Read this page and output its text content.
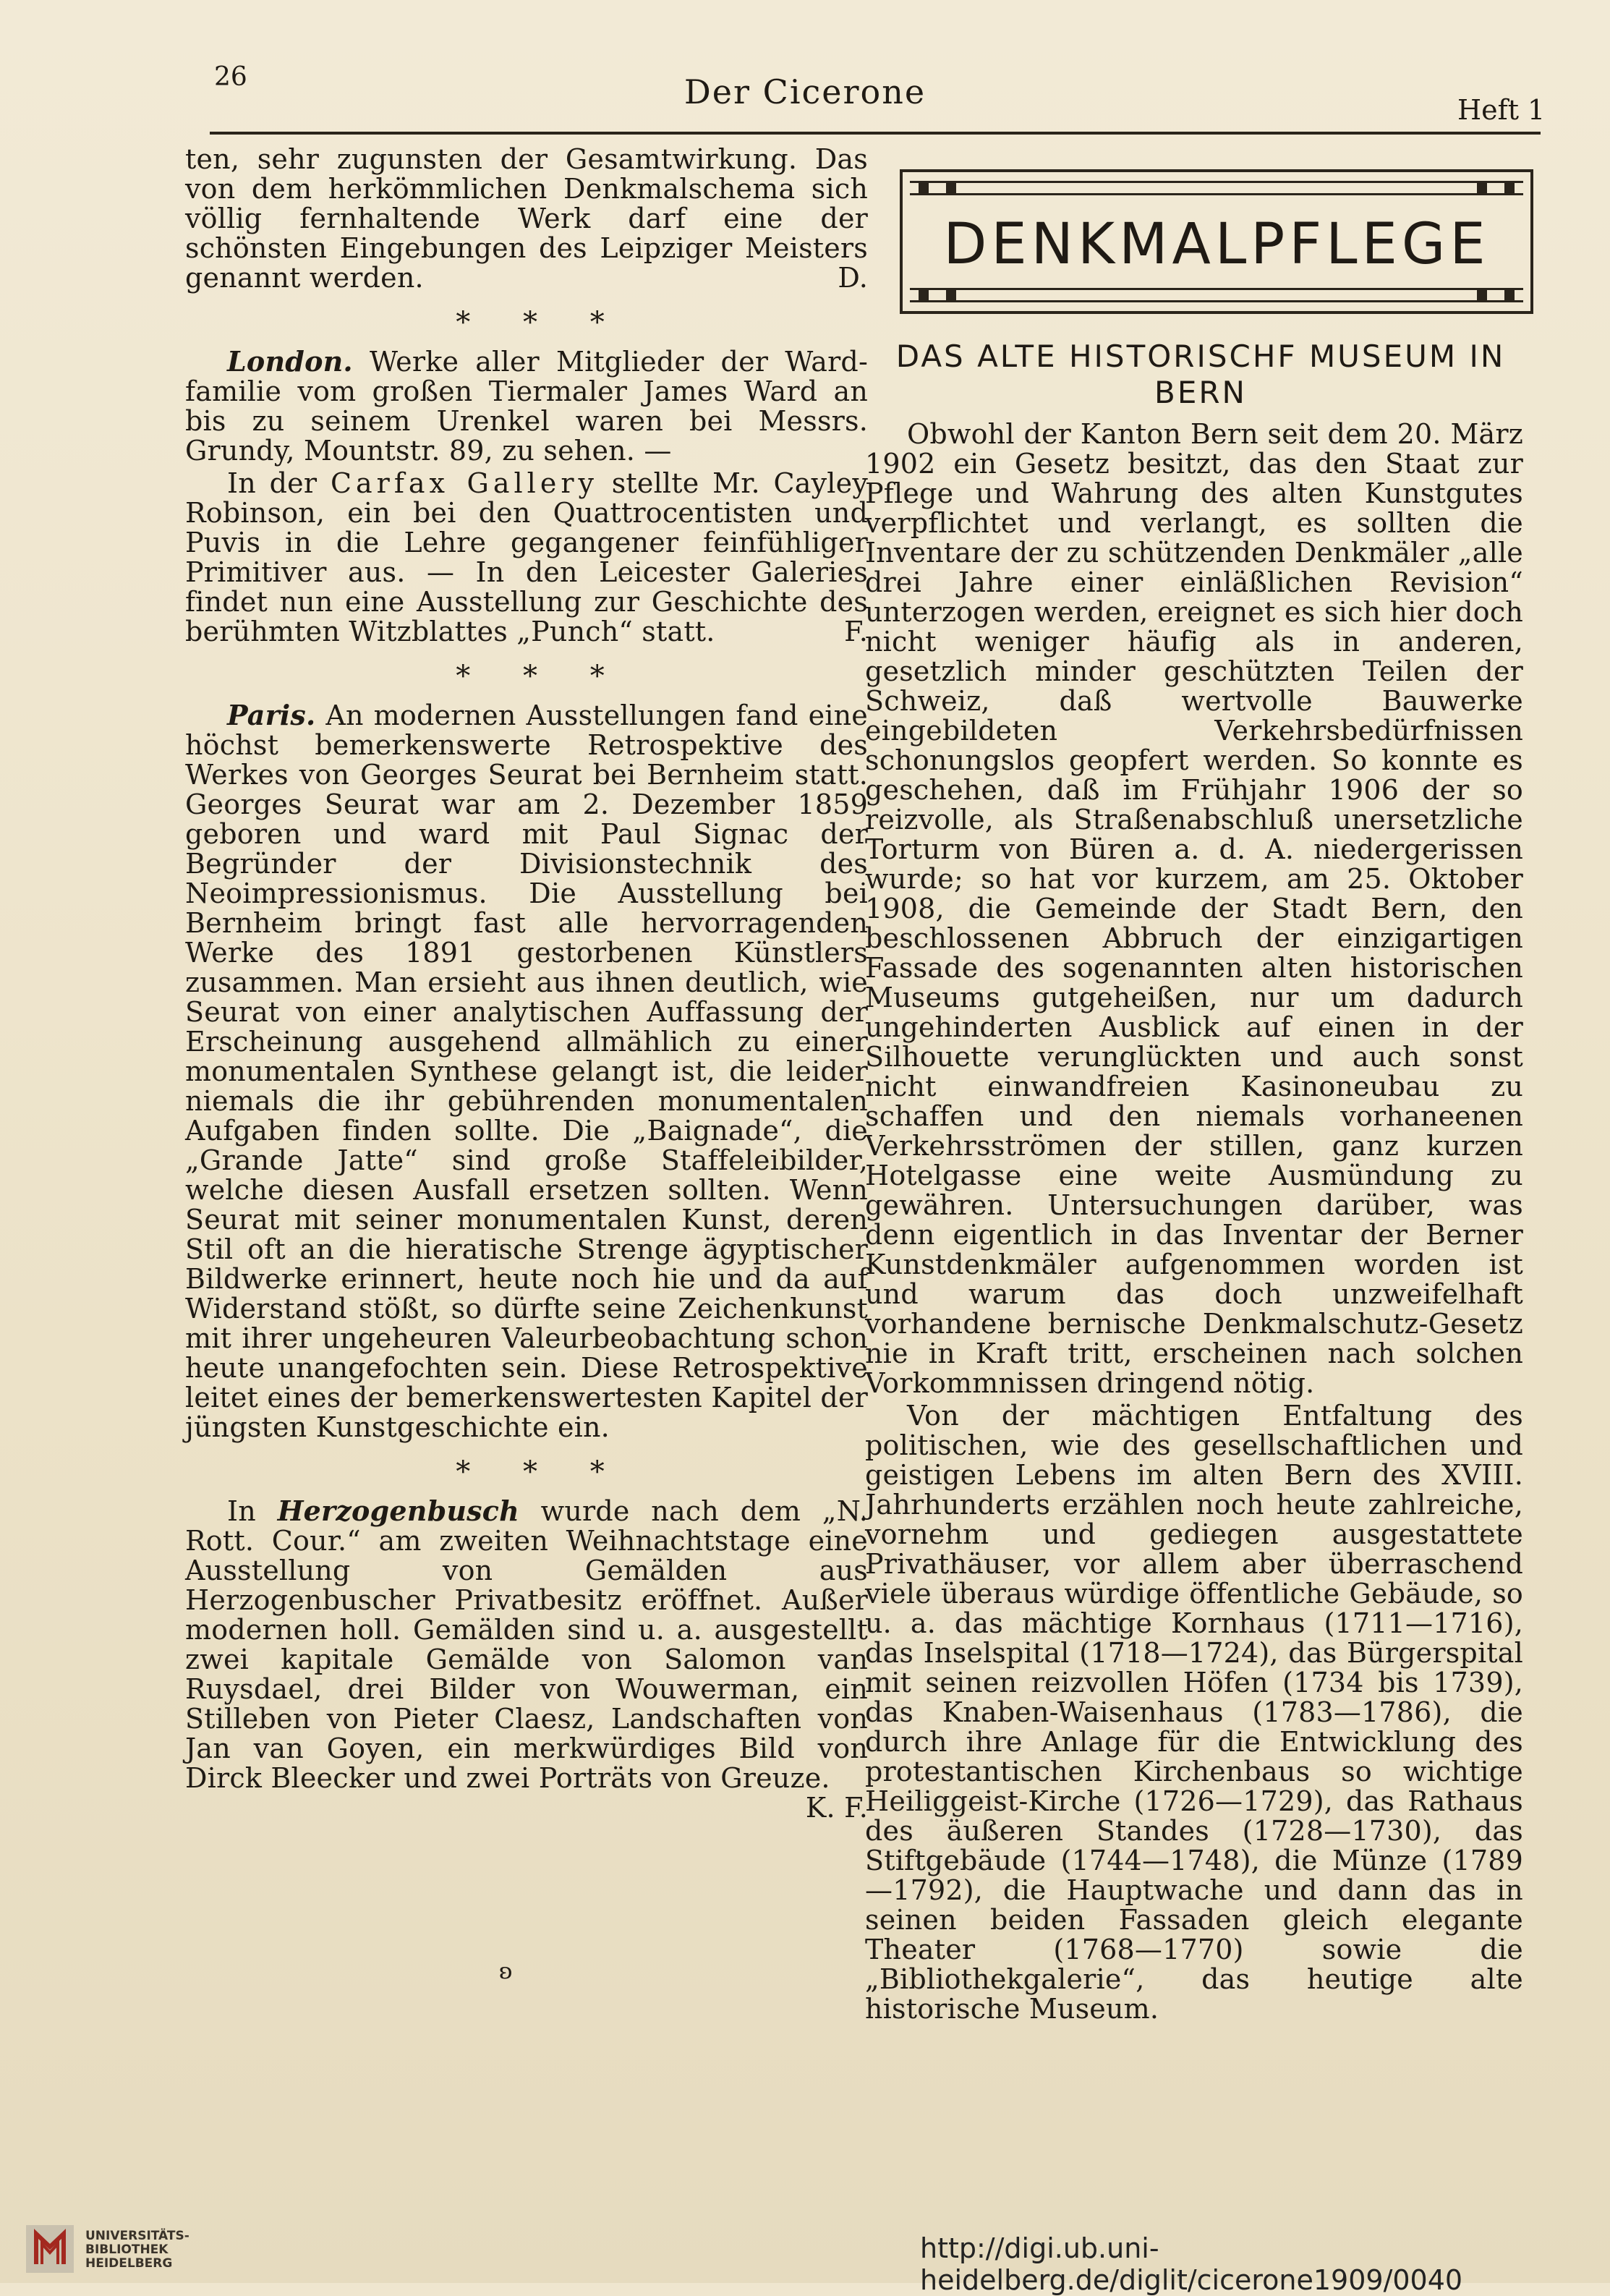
26	Der Cicerone	Heft 1

ten, sehr zugunsten der Gesamtwirkung. Das von dem herkömmlichen Denkmalschema sich völlig fernhaltende Werk darf eine der schönsten Eingebungen des Leipziger Meisters genannt werden.	D.

* * *

London. Werke aller Mitglieder der Ward-familie vom großen Tiermaler James Ward an bis zu seinem Urenkel waren bei Messrs. Grundy, Mountstr. 89, zu sehen. —

In der Carfax Gallery stellte Mr. Cayley Robinson, ein bei den Quattrocentisten und Puvis in die Lehre gegangener feinfühliger Primitiver aus. — In den Leicester Galeries findet nun eine Ausstellung zur Geschichte des berühmten Witzblattes „Punch“ statt.	F.

* * *

Paris. An modernen Ausstellungen fand eine höchst bemerkenswerte Retrospektive des Werkes von Georges Seurat bei Bernheim statt. Georges Seurat war am 2. Dezember 1859 geboren und ward mit Paul Signac der Begründer der Divisionstechnik des Neoimpressionismus. Die Ausstellung bei Bernheim bringt fast alle hervorragenden Werke des 1891 gestorbenen Künstlers zusammen. Man ersieht aus ihnen deutlich, wie Seurat von einer analytischen Auffassung der Erscheinung ausgehend allmählich zu einer monumentalen Synthese gelangt ist, die leider niemals die ihr gebührenden monumentalen Aufgaben finden sollte. Die „Baignade“, die „Grande Jatte“ sind große Staffeleibilder, welche diesen Ausfall ersetzen sollten. Wenn Seurat mit seiner monumentalen Kunst, deren Stil oft an die hieratische Strenge ägyptischer Bildwerke erinnert, heute noch hie und da auf Widerstand stößt, so dürfte seine Zeichenkunst mit ihrer ungeheuren Valeurbeobachtung schon heute unangefochten sein. Diese Retrospektive leitet eines der bemerkenswertesten Kapitel der jüngsten Kunstgeschichte ein.

* * *

In Herzogenbusch wurde nach dem „N. Rott. Cour.“ am zweiten Weihnachtstage eine Ausstellung von Gemälden aus Herzogenbuscher Privatbesitz eröffnet. Außer modernen holl. Gemälden sind u. a. ausgestellt zwei kapitale Gemälde von Salomon van Ruysdael, drei Bilder von Wouwerman, ein Stilleben von Pieter Claesz, Landschaften von Jan van Goyen, ein merkwürdiges Bild von Dirck Bleecker und zwei Porträts von Greuze.
K. F.

DENKMALPFLEGE
DAS ALTE HISTORISCHF MUSEUM IN BERN

Obwohl der Kanton Bern seit dem 20. März 1902 ein Gesetz besitzt, das den Staat zur Pflege und Wahrung des alten Kunstgutes verpflichtet und verlangt, es sollten die Inventare der zu schützenden Denkmäler „alle drei Jahre einer einläßlichen Revision“ unterzogen werden, ereignet es sich hier doch nicht weniger häufig als in anderen, gesetzlich minder geschützten Teilen der Schweiz, daß wertvolle Bauwerke eingebildeten Verkehrsbedürfnissen schonungslos geopfert werden. So konnte es geschehen, daß im Frühjahr 1906 der so reizvolle, als Straßenabschluß unersetzliche Torturm von Büren a. d. A. niedergerissen wurde; so hat vor kurzem, am 25. Oktober 1908, die Gemeinde der Stadt Bern, den beschlossenen Abbruch der einzigartigen Fassade des sogenannten alten historischen Museums gutgeheißen, nur um dadurch ungehinderten Ausblick auf einen in der Silhouette verunglückten und auch sonst nicht einwandfreien Kasinoneubau zu schaffen und den niemals vorhaneenen Verkehrsströmen der stillen, ganz kurzen Hotelgasse eine weite Ausmündung zu gewähren. Untersuchungen darüber, was denn eigentlich in das Inventar der Berner Kunstdenkmäler aufgenommen worden ist und warum das doch unzweifelhaft vorhandene bernische Denkmalschutz-Gesetz nie in Kraft tritt, erscheinen nach solchen Vorkommnissen dringend nötig.

Von der mächtigen Entfaltung des politischen, wie des gesellschaftlichen und geistigen Lebens im alten Bern des XVIII. Jahrhunderts erzählen noch heute zahlreiche, vornehm und gediegen ausgestattete Privathäuser, vor allem aber überraschend viele überaus würdige öffentliche Gebäude, so u. a. das mächtige Kornhaus (1711—1716), das Inselspital (1718—1724), das Bürgerspital mit seinen reizvollen Höfen (1734 bis 1739), das Knaben-Waisenhaus (1783—1786), die durch ihre Anlage für die Entwicklung des protestantischen Kirchenbaus so wichtige Heiliggeist-Kirche (1726—1729), das Rathaus des äußeren Standes (1728—1730), das Stiftgebäude (1744—1748), die Münze (1789—1792), die Hauptwache und dann das in seinen beiden Fassaden gleich elegante Theater (1768—1770) sowie die „Bibliothekgalerie“, das heutige alte historische Museum.

ʚ
UNIVERSITÄTS-
BIBLIOTHEK
HEIDELBERG	http://digi.ub.uni-heidelberg.de/diglit/cicerone1909/0040
